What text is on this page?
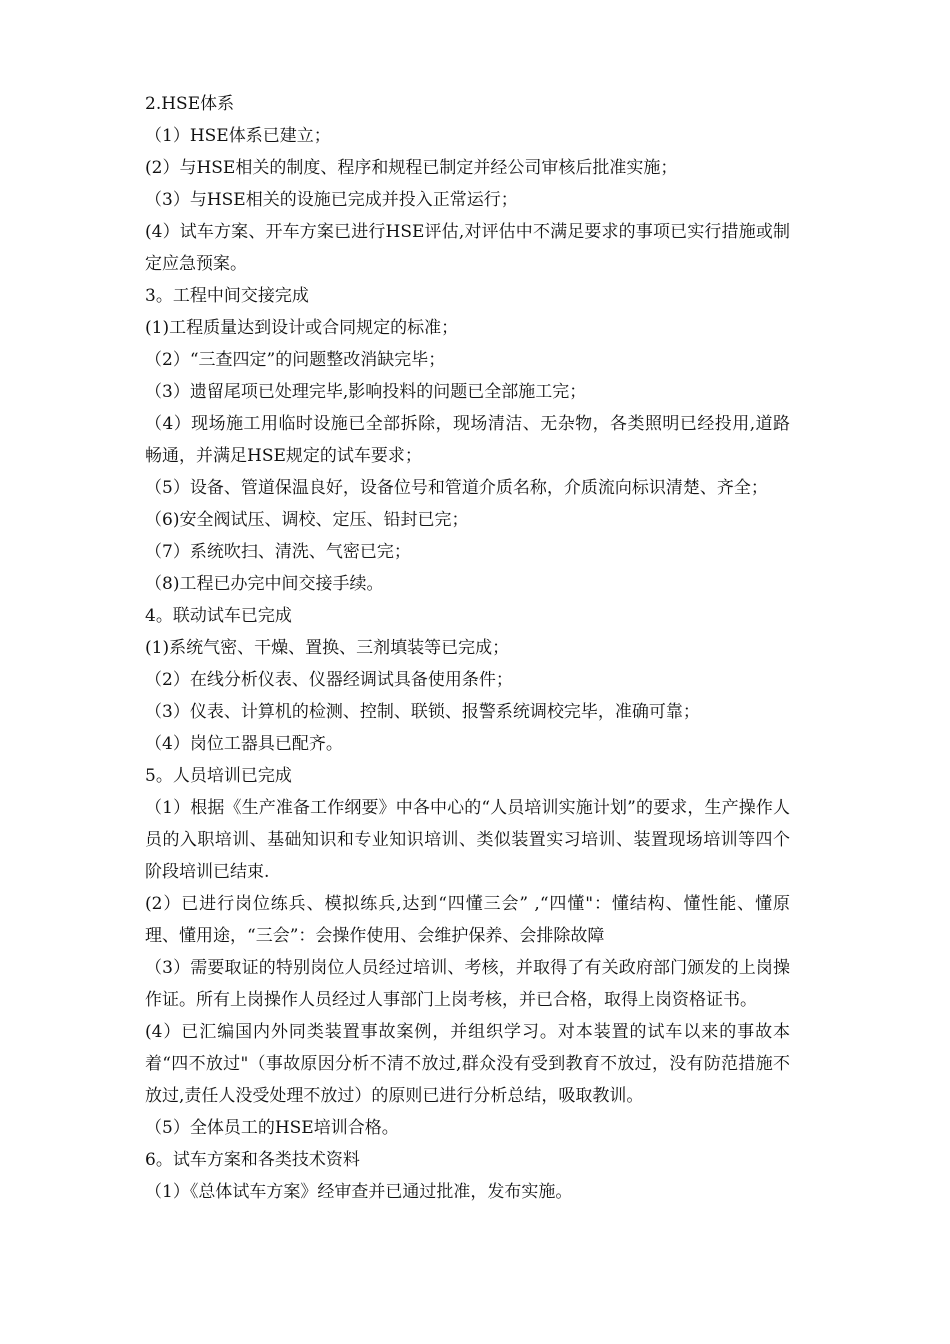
2.HSE体系
（1）HSE体系已建立；
(2）与HSE相关的制度、程序和规程已制定并经公司审核后批准实施；
（3）与HSE相关的设施已完成并投入正常运行；
(4）试车方案、开车方案已进行HSE评估,对评估中不满足要求的事项已实行措施或制定应急预案。
3。工程中间交接完成
(1)工程质量达到设计或合同规定的标准；
（2）“三查四定”的问题整改消缺完毕；
（3）遗留尾项已处理完毕,影响投料的问题已全部施工完；
（4）现场施工用临时设施已全部拆除，现场清洁、无杂物，各类照明已经投用,道路畅通，并满足HSE规定的试车要求；
（5）设备、管道保温良好，设备位号和管道介质名称，介质流向标识清楚、齐全；
（6)安全阀试压、调校、定压、铅封已完；
（7）系统吹扫、清洗、气密已完；
（8)工程已办完中间交接手续。
4。联动试车已完成
(1)系统气密、干燥、置换、三剂填装等已完成；
（2）在线分析仪表、仪器经调试具备使用条件；
（3）仪表、计算机的检测、控制、联锁、报警系统调校完毕，准确可靠；
（4）岗位工器具已配齐。
5。人员培训已完成
（1）根据《生产准备工作纲要》中各中心的“人员培训实施计划”的要求，生产操作人员的入职培训、基础知识和专业知识培训、类似装置实习培训、装置现场培训等四个阶段培训已结束.
(2）已进行岗位练兵、模拟练兵,达到“四懂三会” ,“四懂"：懂结构、懂性能、懂原理、懂用途，“三会”：会操作使用、会维护保养、会排除故障
（3）需要取证的特别岗位人员经过培训、考核，并取得了有关政府部门颁发的上岗操作证。所有上岗操作人员经过人事部门上岗考核，并已合格，取得上岗资格证书。
(4）已汇编国内外同类装置事故案例，并组织学习。对本装置的试车以来的事故本着“四不放过"（事故原因分析不清不放过,群众没有受到教育不放过，没有防范措施不放过,责任人没受处理不放过）的原则已进行分析总结，吸取教训。
（5）全体员工的HSE培训合格。
6。试车方案和各类技术资料
（1）《总体试车方案》经审查并已通过批准，发布实施。
